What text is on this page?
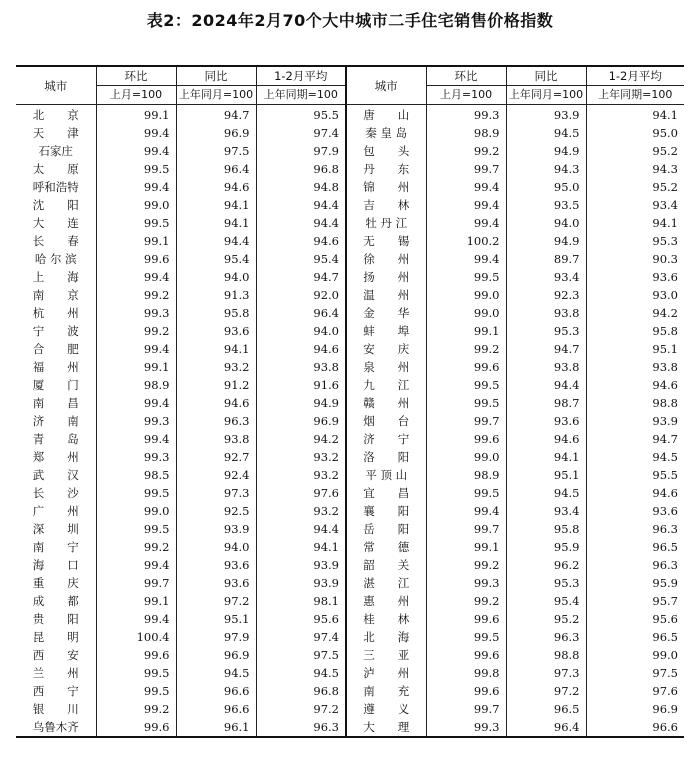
表2：2024年2月70个大中城市二手住宅销售价格指数
城市	环比	同比	1-2月平均	城市	环比	同比	1-2月平均
	上月=100	上年同月=100	上年同期=100		上月=100	上年同月=100	上年同期=100
北　　京	99.1	94.7	95.5	唐　　山	99.3	93.9	94.1
天　　津	99.4	96.9	97.4	秦 皇 岛	98.9	94.5	95.0
石家庄	99.4	97.5	97.9	包　　头	99.2	94.9	95.2
太　　原	99.5	96.4	96.8	丹　　东	99.7	94.3	94.3
呼和浩特	99.4	94.6	94.8	锦　　州	99.4	95.0	95.2
沈　　阳	99.0	94.1	94.4	吉　　林	99.4	93.5	93.4
大　　连	99.5	94.1	94.4	牡 丹 江	99.4	94.0	94.1
长　　春	99.1	94.4	94.6	无　　锡	100.2	94.9	95.3
哈 尔 滨	99.6	95.4	95.4	徐　　州	99.4	89.7	90.3
上　　海	99.4	94.0	94.7	扬　　州	99.5	93.4	93.6
南　　京	99.2	91.3	92.0	温　　州	99.0	92.3	93.0
杭　　州	99.3	95.8	96.4	金　　华	99.0	93.8	94.2
宁　　波	99.2	93.6	94.0	蚌　　埠	99.1	95.3	95.8
合　　肥	99.4	94.1	94.6	安　　庆	99.2	94.7	95.1
福　　州	99.1	93.2	93.8	泉　　州	99.6	93.8	93.8
厦　　门	98.9	91.2	91.6	九　　江	99.5	94.4	94.6
南　　昌	99.4	94.6	94.9	赣　　州	99.5	98.7	98.8
济　　南	99.3	96.3	96.9	烟　　台	99.7	93.6	93.9
青　　岛	99.4	93.8	94.2	济　　宁	99.6	94.6	94.7
郑　　州	99.3	92.7	93.2	洛　　阳	99.0	94.1	94.5
武　　汉	98.5	92.4	93.2	平 顶 山	98.9	95.1	95.5
长　　沙	99.5	97.3	97.6	宜　　昌	99.5	94.5	94.6
广　　州	99.0	92.5	93.2	襄　　阳	99.4	93.4	93.6
深　　圳	99.5	93.9	94.4	岳　　阳	99.7	95.8	96.3
南　　宁	99.2	94.0	94.1	常　　德	99.1	95.9	96.5
海　　口	99.4	93.6	93.9	韶　　关	99.2	96.2	96.3
重　　庆	99.7	93.6	93.9	湛　　江	99.3	95.3	95.9
成　　都	99.1	97.2	98.1	惠　　州	99.2	95.4	95.7
贵　　阳	99.4	95.1	95.6	桂　　林	99.6	95.2	95.6
昆　　明	100.4	97.9	97.4	北　　海	99.5	96.3	96.5
西　　安	99.6	96.9	97.5	三　　亚	99.6	98.8	99.0
兰　　州	99.5	94.5	94.5	泸　　州	99.8	97.3	97.5
西　　宁	99.5	96.6	96.8	南　　充	99.6	97.2	97.6
银　　川	99.2	96.6	97.2	遵　　义	99.7	96.5	96.9
乌鲁木齐	99.6	96.1	96.3	大　　理	99.3	96.4	96.6
